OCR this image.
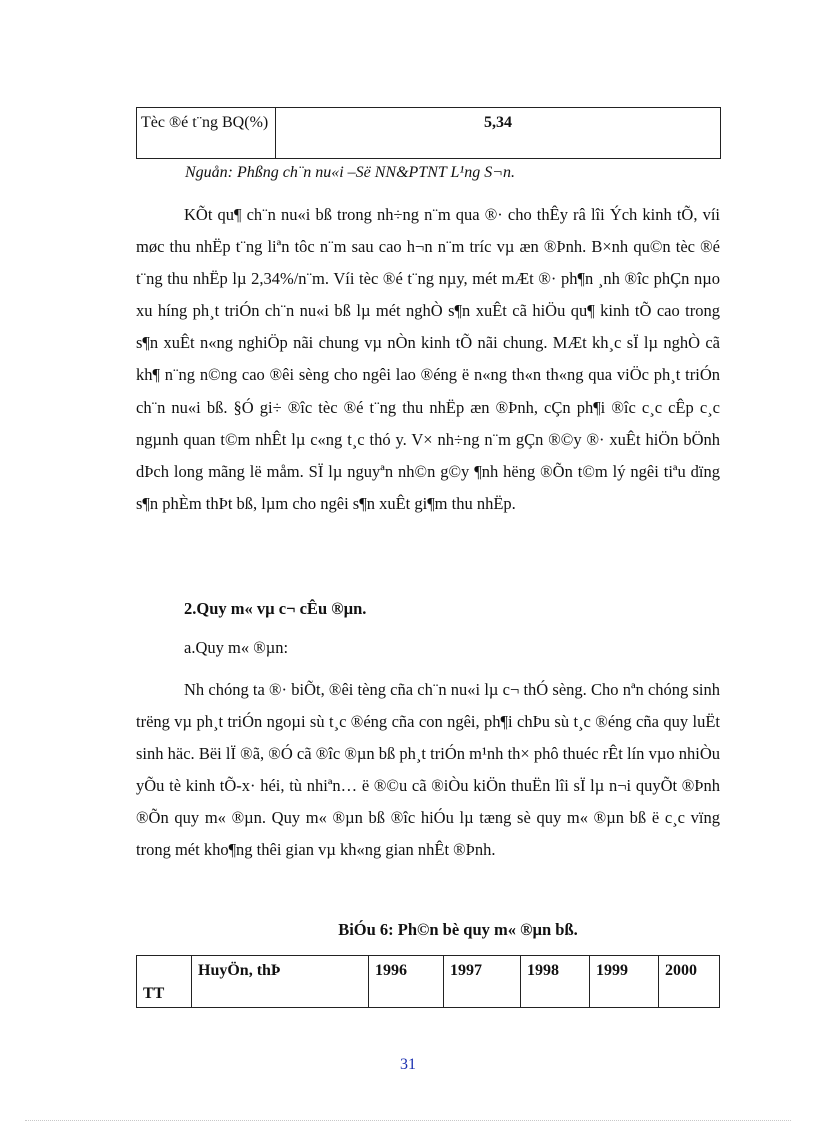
Tèc ®é t¨ng BQ(%)	5,34
Nguån: Phßng ch¨n nu«i –Së NN&PTNT L¹ng S¬n.
KÕt qu¶ ch¨n nu«i bß trong nh÷ng n¨m qua ®· cho thÊy râ lîi Ých kinh tÕ, víi møc thu nhËp t¨ng liªn tôc n¨m sau cao h¬n n¨m tríc vµ æn ®Þnh. B×nh qu©n tèc ®é t¨ng thu nhËp lµ 2,34%/n¨m. Víi tèc ®é t¨ng nµy, mét mÆt ®· ph¶n ¸nh ®îc phÇn nµo xu híng ph¸t triÓn ch¨n nu«i bß lµ mét nghÒ s¶n xuÊt cã hiÖu qu¶ kinh tÕ cao trong s¶n xuÊt n«ng nghiÖp nãi chung vµ nÒn kinh tÕ nãi chung. MÆt kh¸c sÏ lµ nghÒ cã kh¶ n¨ng n©ng cao ®êi sèng cho ngêi lao ®éng ë n«ng th«n th«ng qua viÖc ph¸t triÓn ch¨n nu«i bß. §Ó gi÷ ®îc tèc ®é t¨ng thu nhËp æn ®Þnh, cÇn ph¶i ®îc c¸c cÊp c¸c ngµnh quan t©m nhÊt lµ c«ng t¸c thó y. V× nh÷ng n¨m gÇn ®©y ®· xuÊt hiÖn bÖnh dÞch long mãng lë måm. SÏ lµ nguyªn nh©n g©y ¶nh hëng ®Õn t©m lý ngêi tiªu dïng s¶n phÈm thÞt bß, lµm cho ngêi s¶n xuÊt gi¶m thu nhËp.
2.Quy m« vµ c¬ cÊu ®µn.
a.Quy m« ®µn:
Nh chóng ta ®· biÕt, ®êi tèng cña ch¨n nu«i lµ c¬ thÓ sèng. Cho nªn chóng sinh trëng vµ ph¸t triÓn ngoµi sù t¸c ®éng cña con ngêi, ph¶i chÞu sù t¸c ®éng cña quy luËt sinh häc. Bëi lÏ ®ã, ®Ó cã ®îc ®µn bß ph¸t triÓn m¹nh th× phô thuéc rÊt lín vµo nhiÒu yÕu tè kinh tÕ-x· héi, tù nhiªn… ë ®©u cã ®iÒu kiÖn thuËn lîi sÏ lµ n¬i quyÕt ®Þnh ®Õn quy m« ®µn. Quy m« ®µn bß ®îc hiÓu lµ tæng sè quy m« ®µn bß ë c¸c vïng trong mét kho¶ng thêi gian vµ kh«ng gian nhÊt ®Þnh.
BiÓu 6: Ph©n bè quy m« ®µn bß.
TT	HuyÖn, thÞ	1996	1997	1998	1999	2000
31
